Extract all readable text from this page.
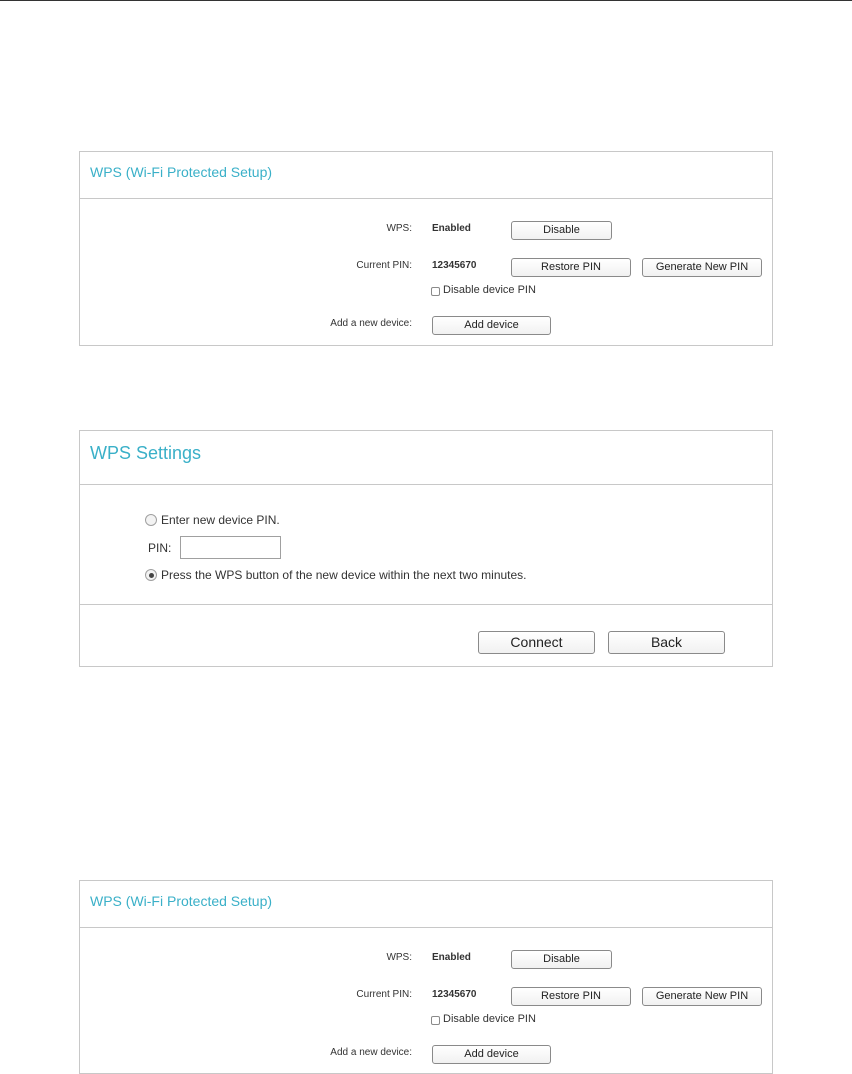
WPS (Wi-Fi Protected Setup)
WPS: Enabled	Disable
Current PIN: 12345670	Restore PIN	Generate New PIN
Disable device PIN
Add a new device:	Add device
WPS Settings
Enter new device PIN.
PIN:
Press the WPS button of the new device within the next two minutes.
Connect	Back
WPS (Wi-Fi Protected Setup)
WPS: Enabled	Disable
Current PIN: 12345670	Restore PIN	Generate New PIN
Disable device PIN
Add a new device:	Add device
